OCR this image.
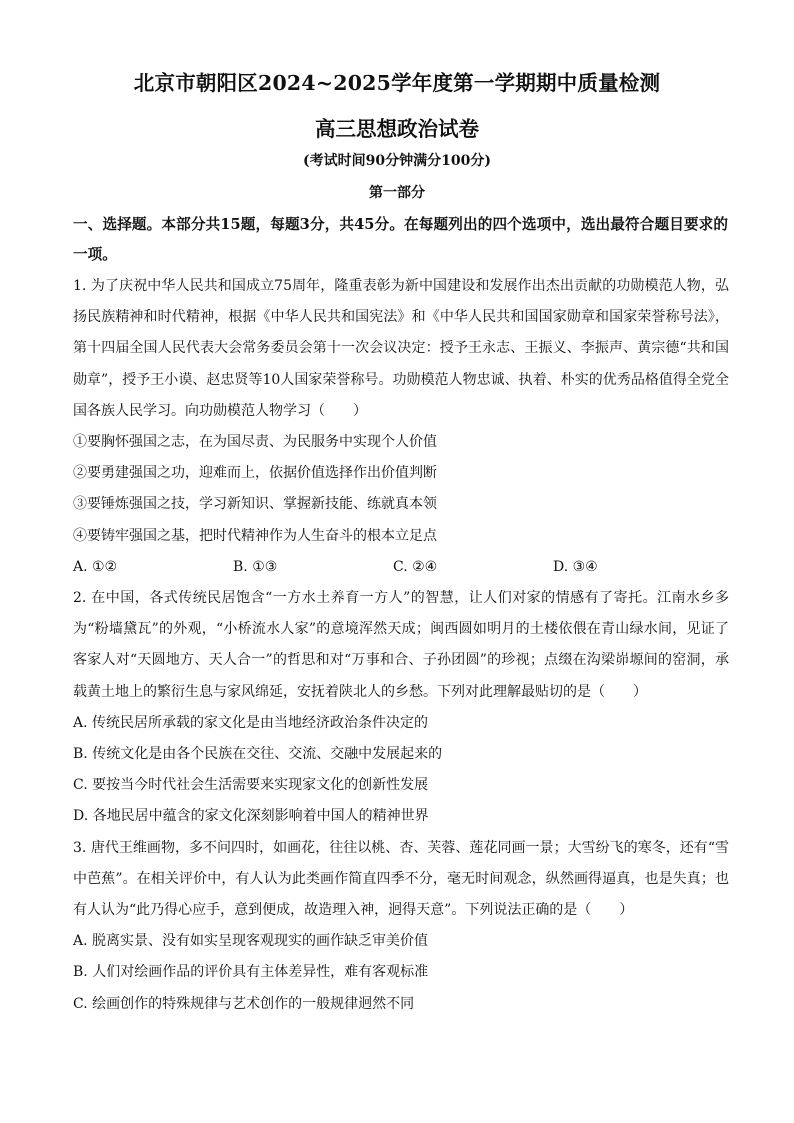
北京市朝阳区2024~2025学年度第一学期期中质量检测
高三思想政治试卷
(考试时间90分钟满分100分)
第一部分
一、选择题。本部分共15题，每题3分，共45分。在每题列出的四个选项中，选出最符合题目要求的一项。

1. 为了庆祝中华人民共和国成立75周年，隆重表彰为新中国建设和发展作出杰出贡献的功勋模范人物，弘扬民族精神和时代精神，根据《中华人民共和国宪法》和《中华人民共和国国家勋章和国家荣誉称号法》，第十四届全国人民代表大会常务委员会第十一次会议决定：授予王永志、王振义、李振声、黄宗德“共和国勋章”，授予王小谟、赵忠贤等10人国家荣誉称号。功勋模范人物忠诚、执着、朴实的优秀品格值得全党全国各族人民学习。向功勋模范人物学习（　　）

①要胸怀强国之志，在为国尽责、为民服务中实现个人价值

②要勇建强国之功，迎难而上，依据价值选择作出价值判断

③要锤炼强国之技，学习新知识、掌握新技能、练就真本领

④要铸牢强国之基，把时代精神作为人生奋斗的根本立足点

A. ①②	B. ①③	C. ②④	D. ③④

2. 在中国，各式传统民居饱含“一方水土养育一方人”的智慧，让人们对家的情感有了寄托。江南水乡多为“粉墙黛瓦”的外观，“小桥流水人家”的意境浑然天成；闽西圆如明月的土楼依偎在青山绿水间，见证了客家人对“天圆地方、天人合一”的哲思和对“万事和合、子孙团圆”的珍视；点缀在沟梁峁塬间的窑洞，承载黄土地上的繁衍生息与家风绵延，安抚着陕北人的乡愁。下列对此理解最贴切的是（　　）

A. 传统民居所承载的家文化是由当地经济政治条件决定的

B. 传统文化是由各个民族在交往、交流、交融中发展起来的

C. 要按当今时代社会生活需要来实现家文化的创新性发展

D. 各地民居中蕴含的家文化深刻影响着中国人的精神世界

3. 唐代王维画物，多不问四时，如画花，往往以桃、杏、芙蓉、莲花同画一景；大雪纷飞的寒冬，还有“雪中芭蕉”。在相关评价中，有人认为此类画作简直四季不分，毫无时间观念，纵然画得逼真，也是失真；也有人认为“此乃得心应手，意到便成，故造理入神，迥得天意”。下列说法正确的是（　　）

A. 脱离实景、没有如实呈现客观现实的画作缺乏审美价值

B. 人们对绘画作品的评价具有主体差异性，难有客观标准

C. 绘画创作的特殊规律与艺术创作的一般规律迥然不同
